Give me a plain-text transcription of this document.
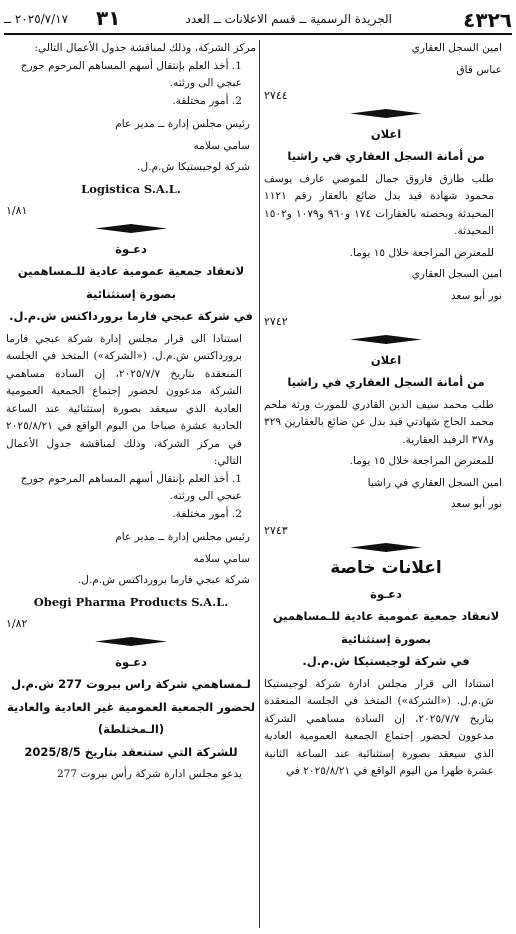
٤٣٢٦
الجريدة الرسمية ــ قسم الاعلانات ــ العدد
٣١
٢٠٢٥/٧/١٧ ــ

امين السجل العقاري

عباس قاق

٢٧٤٤

اعلان

من أمانة السجل العقاري في راشيا

طلب طارق فاروق جمال للموصي عارف يوسف محمود شهادة قيد بدل ضائع بالعقار رقم ١١٢١ المحيدثة وبحصته بالعقارات ١٧٤ و٩٦٠ و١٠٧٩ و١٥٠٢ المحيدثة.

للمعترض المراجعة خلال ١٥ يوما.

امين السجل العقاري

نور أبو سعد

٢٧٤٢

اعلان

من أمانة السجل العقاري في راشيا

طلب محمد سيف الدين القادري للمورث ورثة ملحم محمد الحاج شهادتي قيد بدل عن ضائع بالعقارين ٣٢٩ و٣٧٨ الرفيد العقارية.

للمعترض المراجعة خلال ١٥ يوما.

امين السجل العقاري في راشيا

نور أبو سعد

٢٧٤٣

اعلانات خاصة

دعـوة

لانعقاد جمعية عمومية عادية للـمساهمين

بصورة إستثنائية

في شركة لوجيستيكا ش.م.ل.

استنادا الى قرار مجلس ادارة شركة لوجيستيكا ش.م.ل. («الشركة») المتخذ في الجلسة المنعقدة بتاريخ ٢٠٢٥/٧/٧، إن السادة مساهمي الشركة مدعوون لحضور إجتماع الجمعية العمومية العادية الذي سيعقد بصورة إستثنائية عند الساعة الثانية عشرة ظهرا من اليوم الواقع في ٢٠٢٥/٨/٢١ في

مركز الشركة، وذلك لمناقشة جدول الأعمال التالي:

1. أخذ العلم بإنتقال أسهم المساهم المرحوم جورج عبجي الى ورثته.

2. أمور مختلفة.

رئيس مجلس إدارة ــ مدير عام

سامي سلامه

شركة لوجيستيكا ش.م.ل.

Logistica S.A.L.

١/٨١

دعـوة

لانعقاد جمعية عمومية عادية للـمساهمين

بصورة إستثنائية

في شركة عبجي فارما برورداكتس ش.م.ل.

استنادا الى قرار مجلس إدارة شركة عبجي فارما برورداكتس ش.م.ل. («الشركة») المتخذ في الجلسة المنعقدة بتاريخ ٢٠٢٥/٧/٧، إن السادة مساهمي الشركة مدعوون لحضور إجتماع الجمعية العمومية العادية الذي سيعقد بصورة إستثنائية عند الساعة الحادية عشرة صباحا من اليوم الواقع في ٢٠٢٥/٨/٢١ في مركز الشركة، وذلك لمناقشة جدول الأعمال التالي:

1. أخذ العلم بإنتقال أسهم المساهم المرحوم جورج عبجي الى ورثته.

2. أمور مختلفة.

رئيس مجلس إدارة ــ مدير عام

سامي سلامه

شركة عبجي فارما برورداكتس ش.م.ل.

Obegi Pharma Products S.A.L.

١/٨٢

دعـوة

لـمساهمي شركة راس بيروت 277 ش.م.ل

لحضور الجمعية العمومية غير العادية والعادية

(الـمختلطة)

للشركة التي ستنعقد بتاريخ 2025/8/5

يدعو مجلس ادارة شركة رأس بيروت 277
